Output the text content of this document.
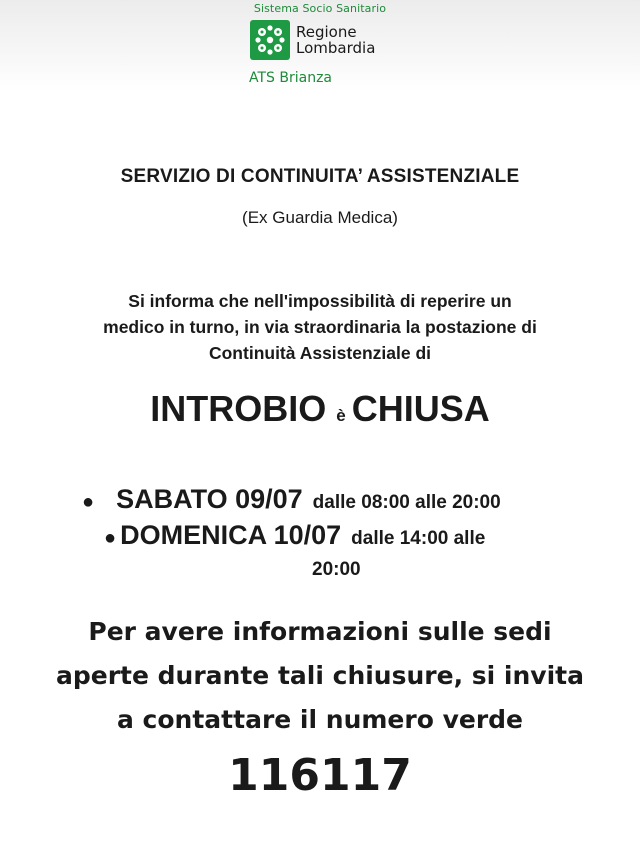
Sistema Socio Sanitario
Regione
Lombardia
ATS Brianza
SERVIZIO DI CONTINUITA’ ASSISTENZIALE
(Ex Guardia Medica)
Si informa che nell'impossibilità di reperire un
medico in turno, in via straordinaria la postazione di
Continuità Assistenziale di
INTROBIO è CHIUSA
● SABATO 09/07 dalle 08:00 alle 20:00
● DOMENICA 10/07 dalle 14:00 alle
20:00
Per avere informazioni sulle sedi
aperte durante tali chiusure, si invita
a contattare il numero verde
116117
